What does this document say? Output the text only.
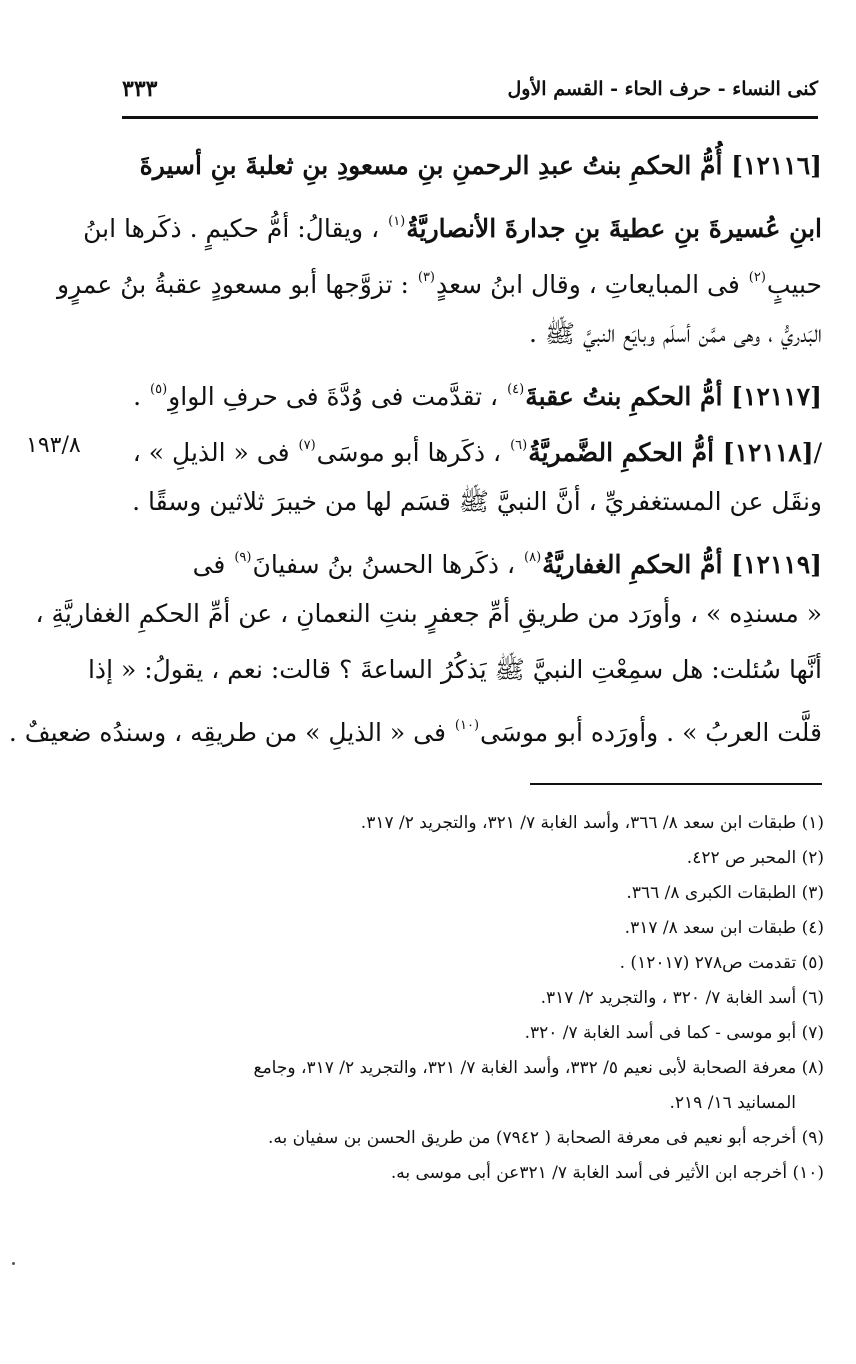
كنى النساء - حرف الحاء - القسم الأول
٣٣٣
[١٢١١٦] أُمُّ الحكمِ بنتُ عبدِ الرحمنِ بنِ مسعودِ بنِ ثعلبةَ بنِ أسيرةَ
ابنِ عُسيرةَ بنِ عطيةَ بنِ جدارةَ الأنصاريَّةُ$^{(١)}$ ، ويقالُ: أمُّ حكيمٍ . ذكَرها ابنُ
حبيبٍ$^{(٢)}$ فى المبايعاتِ ، وقال ابنُ سعدٍ$^{(٣)}$ : تزوَّجها أبو مسعودٍ عقبةُ بنُ عمرٍو
البَدريُّ ، وهى ممَّن أسلَم وبايَع النبيَّ ﷺ .
[١٢١١٧] أمُّ الحكمِ بنتُ عقبةَ$^{(٤)}$ ، تقدَّمت فى وُدَّةَ فى حرفِ الواوِ$^{(٥)}$ .
/[١٢١١٨] أمُّ الحكمِ الضَّمريَّةُ$^{(٦)}$ ، ذكَرها أبو موسَى$^{(٧)}$ فى « الذيلِ » ،
١٩٣/٨
ونقَل عن المستغفريِّ ، أنَّ النبيَّ ﷺ قسَم لها من خيبرَ ثلاثين وسقًا .
[١٢١١٩] أمُّ الحكمِ الغفاريَّةُ$^{(٨)}$ ، ذكَرها الحسنُ بنُ سفيانَ$^{(٩)}$ فى
« مسندِه » ، وأورَد من طريقِ أمِّ جعفرٍ بنتِ النعمانِ ، عن أمِّ الحكمِ الغفاريَّةِ ،
أنَّها سُئلت: هل سمِعْتِ النبيَّ ﷺ يَذكُرُ الساعةَ ؟ قالت: نعم ، يقولُ: « إذا
قلَّت العربُ » . وأورَده أبو موسَى$^{(١٠)}$ فى « الذيلِ » من طريقِه ، وسندُه ضعيفٌ .
(١) طبقات ابن سعد ٨/ ٣٦٦، وأسد الغابة ٧/ ٣٢١، والتجريد ٢/ ٣١٧.
(٢) المحبر ص ٤٢٢.
(٣) الطبقات الكبرى ٨/ ٣٦٦.
(٤) طبقات ابن سعد ٨/ ٣١٧.
(٥) تقدمت ص٢٧٨ (١٢٠١٧) .
(٦) أسد الغابة ٧/ ٣٢٠ ، والتجريد ٢/ ٣١٧.
(٧) أبو موسى - كما فى أسد الغابة ٧/ ٣٢٠.
(٨) معرفة الصحابة لأبى نعيم ٥/ ٣٣٢، وأسد الغابة ٧/ ٣٢١، والتجريد ٢/ ٣١٧، وجامع
المسانيد ١٦/ ٢١٩.
(٩) أخرجه أبو نعيم فى معرفة الصحابة ( ٧٩٤٢) من طريق الحسن بن سفيان به.
(١٠) أخرجه ابن الأثير فى أسد الغابة ٧/ ٣٢١عن أبى موسى به.
